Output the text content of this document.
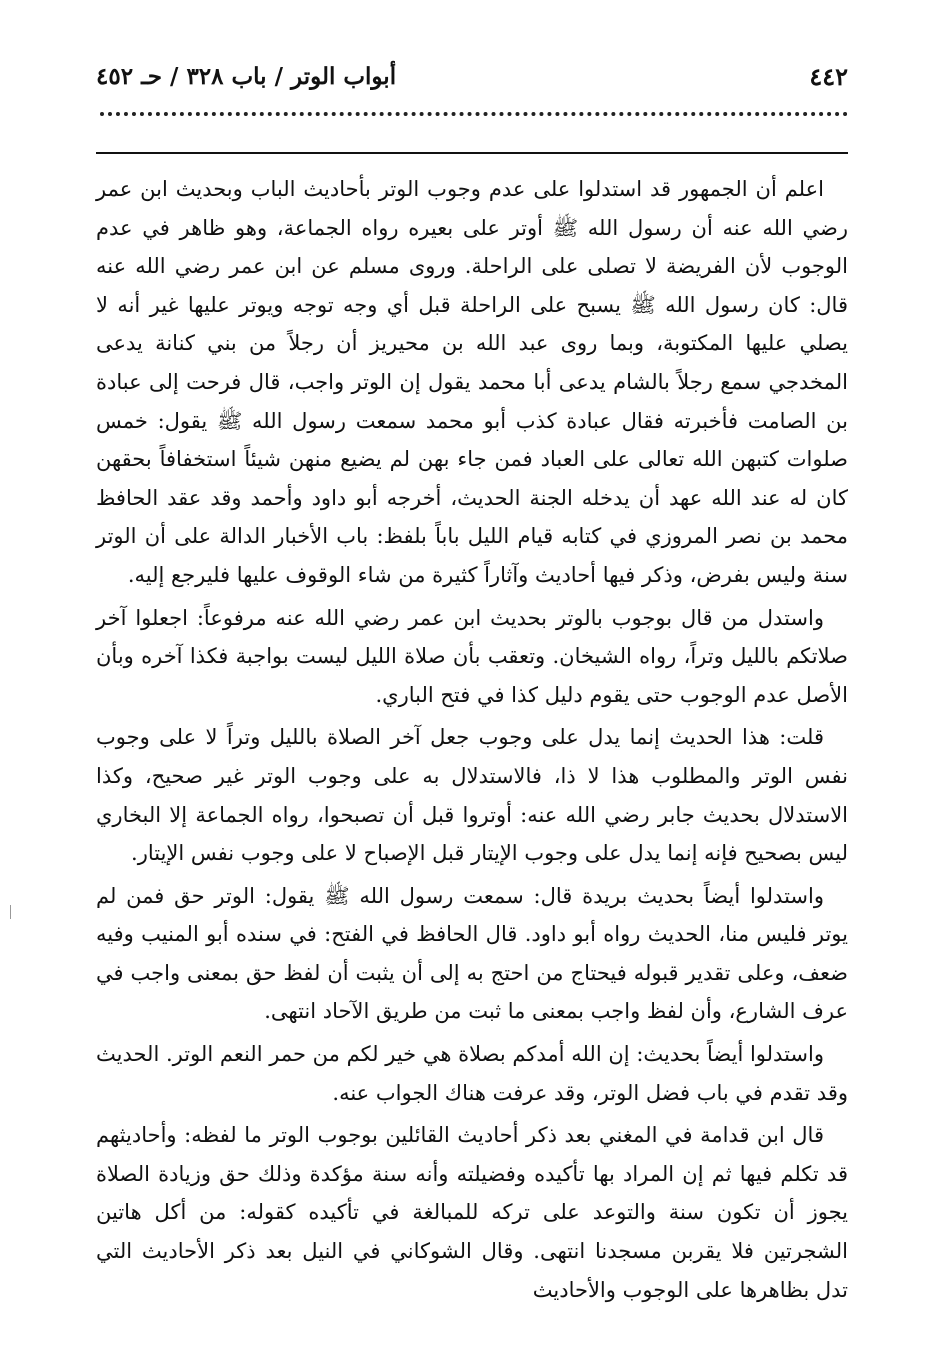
٤٤٢
أبواب الوتر / باب ٣٢٨ / حـ ٤٥٢

اعلم أن الجمهور قد استدلوا على عدم وجوب الوتر بأحاديث الباب وبحديث ابن عمر رضي الله عنه أن رسول الله ﷺ أوتر على بعيره رواه الجماعة، وهو ظاهر في عدم الوجوب لأن الفريضة لا تصلى على الراحلة. وروى مسلم عن ابن عمر رضي الله عنه قال: كان رسول الله ﷺ يسبح على الراحلة قبل أي وجه توجه ويوتر عليها غير أنه لا يصلي عليها المكتوبة، وبما روى عبد الله بن محيريز أن رجلاً من بني كنانة يدعى المخدجي سمع رجلاً بالشام يدعى أبا محمد يقول إن الوتر واجب، قال فرحت إلى عبادة بن الصامت فأخبرته فقال عبادة كذب أبو محمد سمعت رسول الله ﷺ يقول: خمس صلوات كتبهن الله تعالى على العباد فمن جاء بهن لم يضيع منهن شيئاً استخفافاً بحقهن كان له عند الله عهد أن يدخله الجنة الحديث، أخرجه أبو داود وأحمد وقد عقد الحافظ محمد بن نصر المروزي في كتابه قيام الليل باباً بلفظ: باب الأخبار الدالة على أن الوتر سنة وليس بفرض، وذكر فيها أحاديث وآثاراً كثيرة من شاء الوقوف عليها فليرجع إليه.

واستدل من قال بوجوب بالوتر بحديث ابن عمر رضي الله عنه مرفوعاً: اجعلوا آخر صلاتكم بالليل وتراً، رواه الشيخان. وتعقب بأن صلاة الليل ليست بواجبة فكذا آخره وبأن الأصل عدم الوجوب حتى يقوم دليل كذا في فتح الباري.

قلت: هذا الحديث إنما يدل على وجوب جعل آخر الصلاة بالليل وتراً لا على وجوب نفس الوتر والمطلوب هذا لا ذا، فالاستدلال به على وجوب الوتر غير صحيح، وكذا الاستدلال بحديث جابر رضي الله عنه: أوتروا قبل أن تصبحوا، رواه الجماعة إلا البخاري ليس بصحيح فإنه إنما يدل على وجوب الإيتار قبل الإصباح لا على وجوب نفس الإيتار.

واستدلوا أيضاً بحديث بريدة قال: سمعت رسول الله ﷺ يقول: الوتر حق فمن لم يوتر فليس منا، الحديث رواه أبو داود. قال الحافظ في الفتح: في سنده أبو المنيب وفيه ضعف، وعلى تقدير قبوله فيحتاج من احتج به إلى أن يثبت أن لفظ حق بمعنى واجب في عرف الشارع، وأن لفظ واجب بمعنى ما ثبت من طريق الآحاد انتهى.

واستدلوا أيضاً بحديث: إن الله أمدكم بصلاة هي خير لكم من حمر النعم الوتر. الحديث وقد تقدم في باب فضل الوتر، وقد عرفت هناك الجواب عنه.

قال ابن قدامة في المغني بعد ذكر أحاديث القائلين بوجوب الوتر ما لفظه: وأحاديثهم قد تكلم فيها ثم إن المراد بها تأكيده وفضيلته وأنه سنة مؤكدة وذلك حق وزيادة الصلاة يجوز أن تكون سنة والتوعد على تركه للمبالغة في تأكيده كقوله: من أكل هاتين الشجرتين فلا يقربن مسجدنا انتهى. وقال الشوكاني في النيل بعد ذكر الأحاديث التي تدل بظاهرها على الوجوب والأحاديث
